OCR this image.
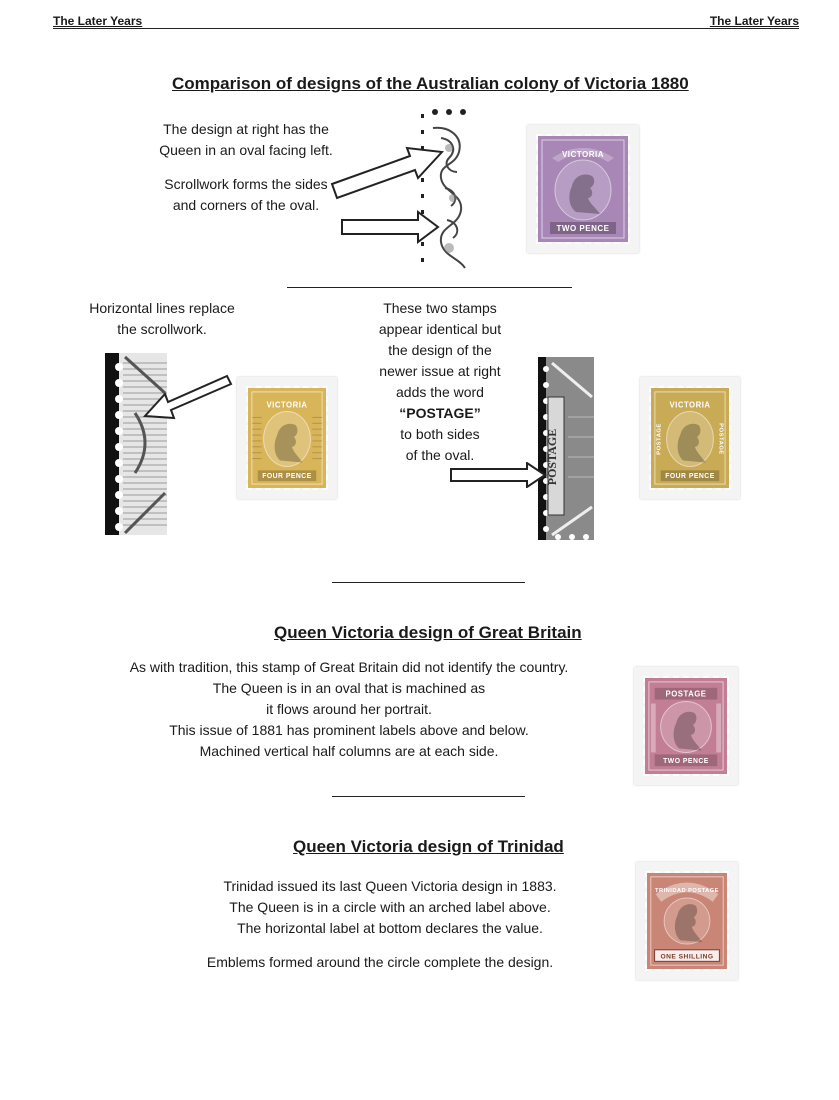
The Later Years	The Later Years
Comparison of designs of the Australian colony of Victoria 1880
The design at right has the
Queen in an oval facing left.
Scrollwork forms the sides
and corners of the oval.
VICTORIA
TWO PENCE
Horizontal lines replace
the scrollwork.
These two stamps
appear identical but
the design of the
newer issue at right
adds the word
“POSTAGE”
to both sides
of the oval.
VICTORIA
FOUR PENCE	POSTAGE	POSTAGE	POSTAGE
VICTORIA
FOUR PENCE
Queen Victoria design of Great Britain
As with tradition, this stamp of Great Britain did not identify the country.
The Queen is in an oval that is machined as
it flows around her portrait.
This issue of 1881 has prominent labels above and below.
Machined vertical half columns are at each side.
POSTAGE
TWO PENCE
Queen Victoria design of Trinidad
Trinidad issued its last Queen Victoria design in 1883.
The Queen is in a circle with an arched label above.
The horizontal label at bottom declares the value.
Emblems formed around the circle complete the design.
TRINIDAD POSTAGE
ONE SHILLING
